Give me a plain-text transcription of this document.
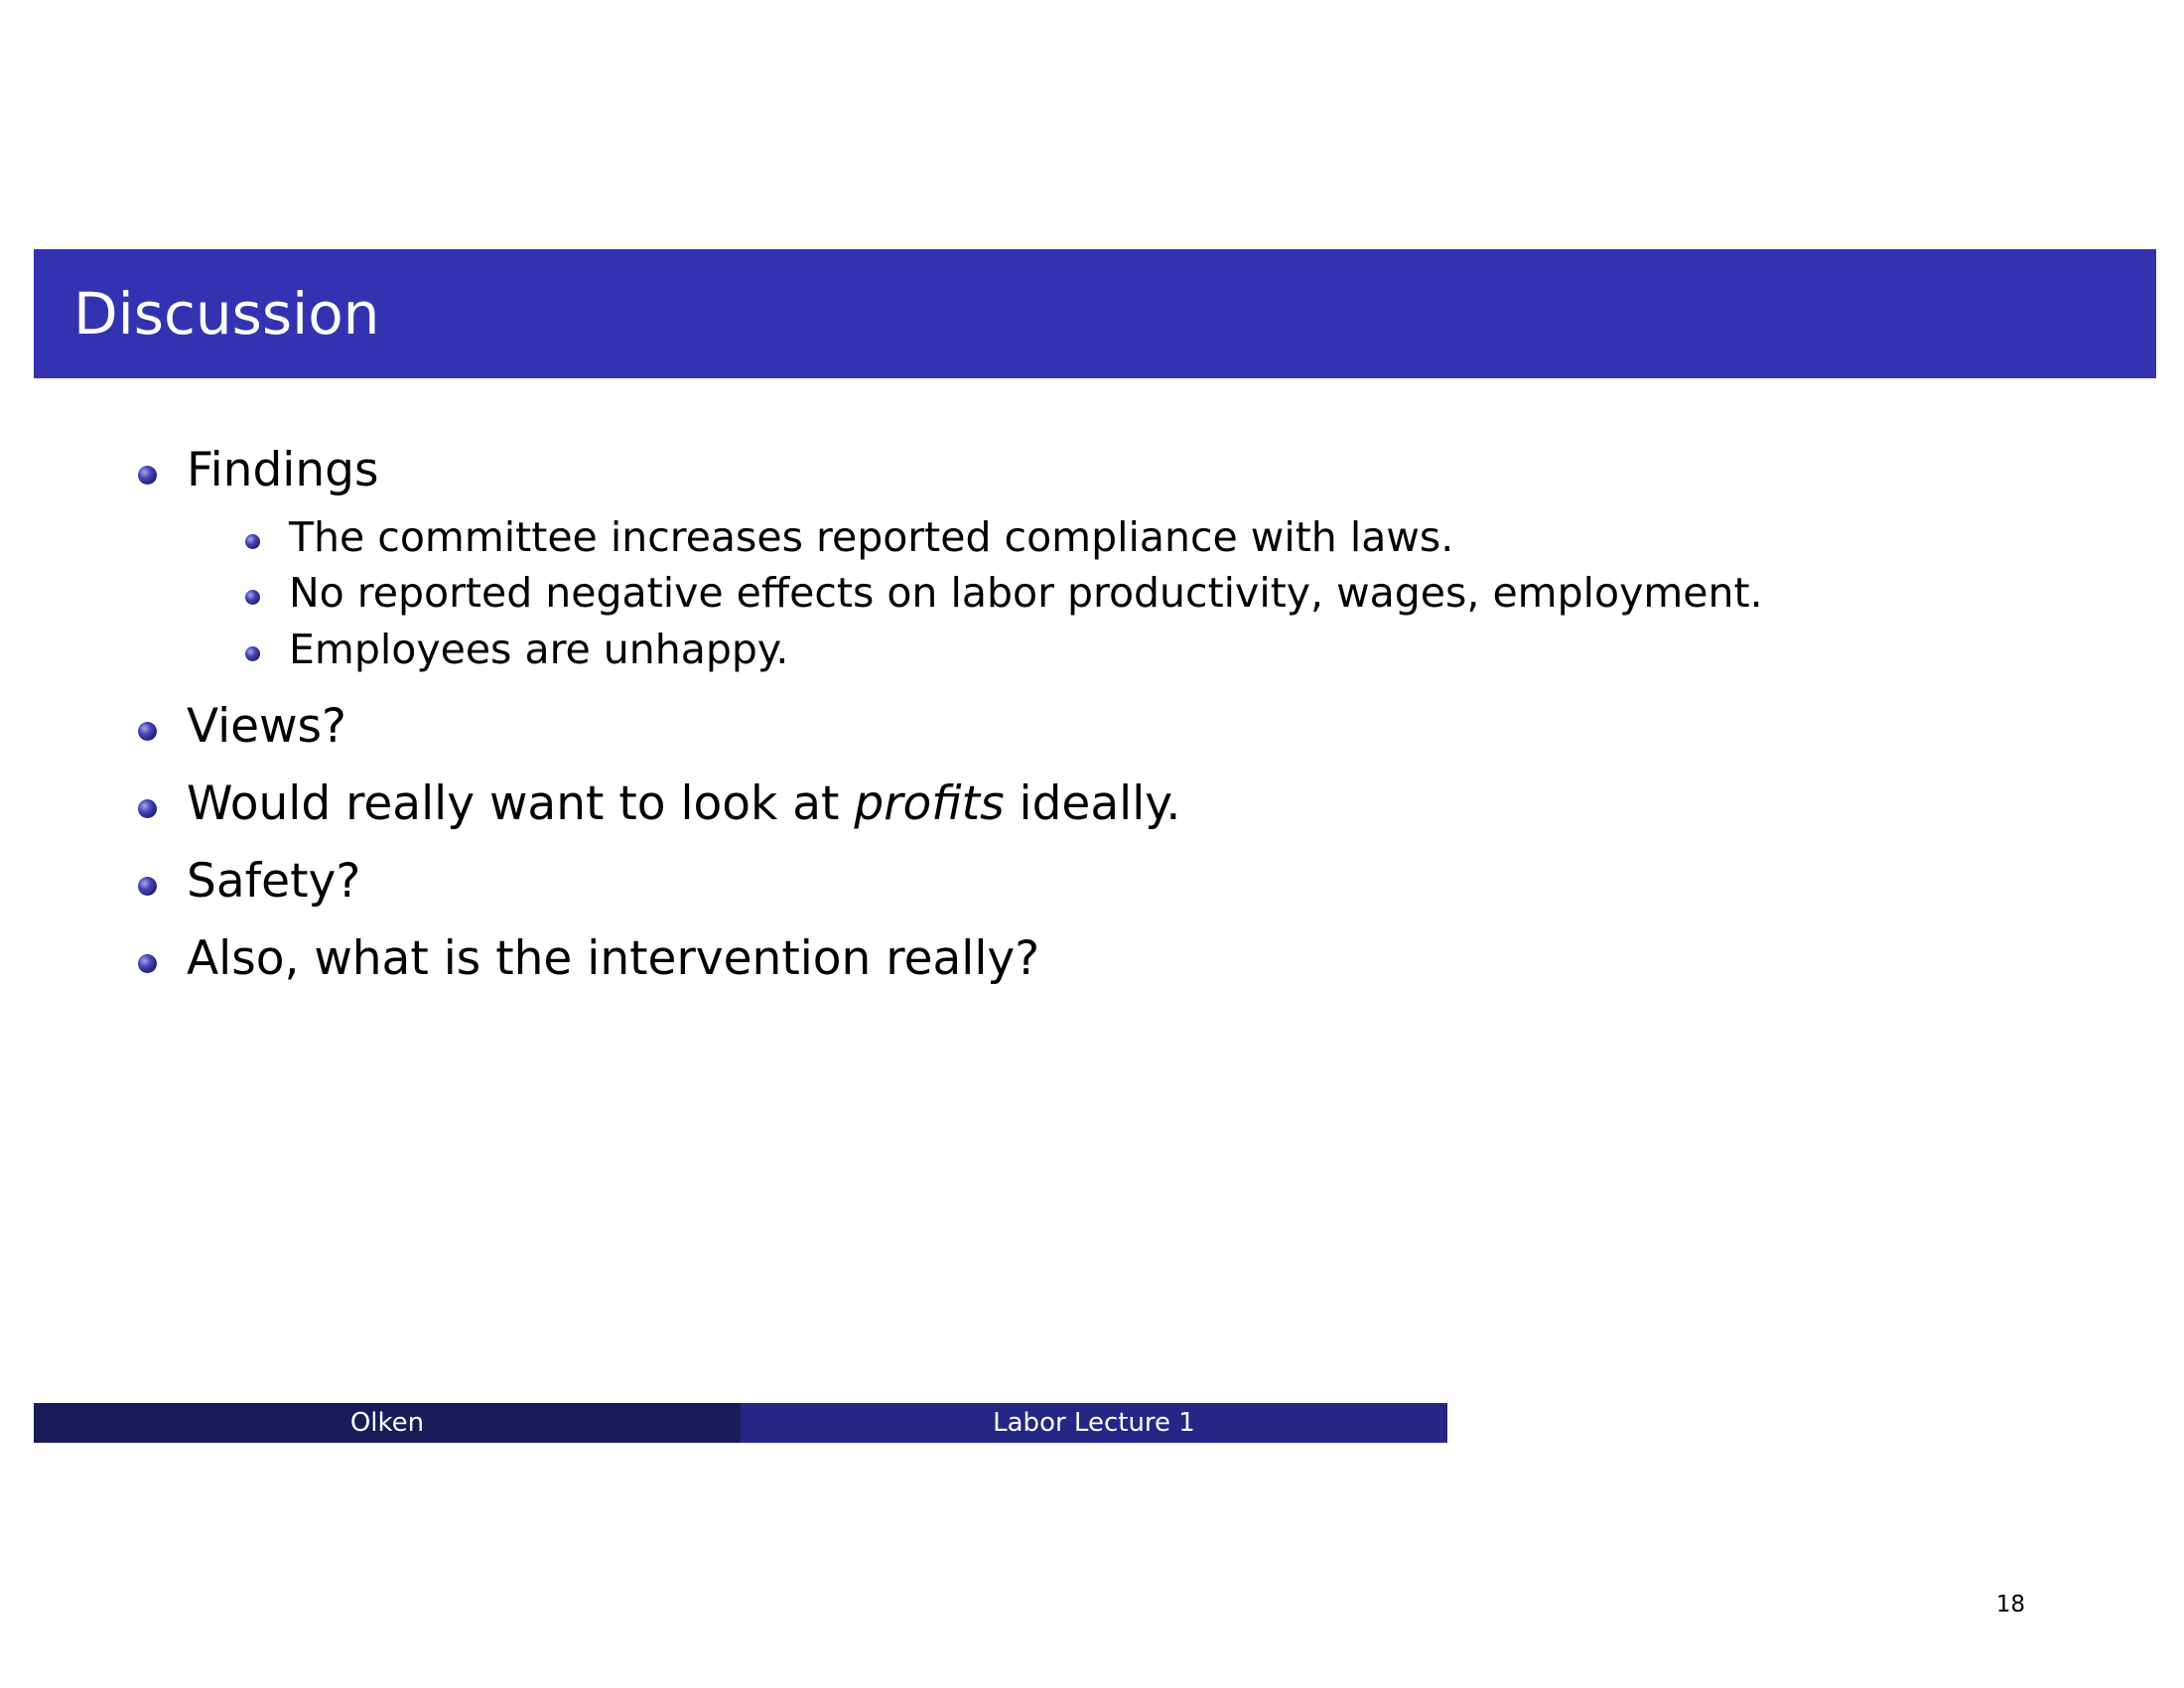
Discussion
Findings
The committee increases reported compliance with laws.
No reported negative effects on labor productivity, wages, employment.
Employees are unhappy.
Views?
Would really want to look at profits ideally.
Safety?
Also, what is the intervention really?
Olken	Labor Lecture 1
18
